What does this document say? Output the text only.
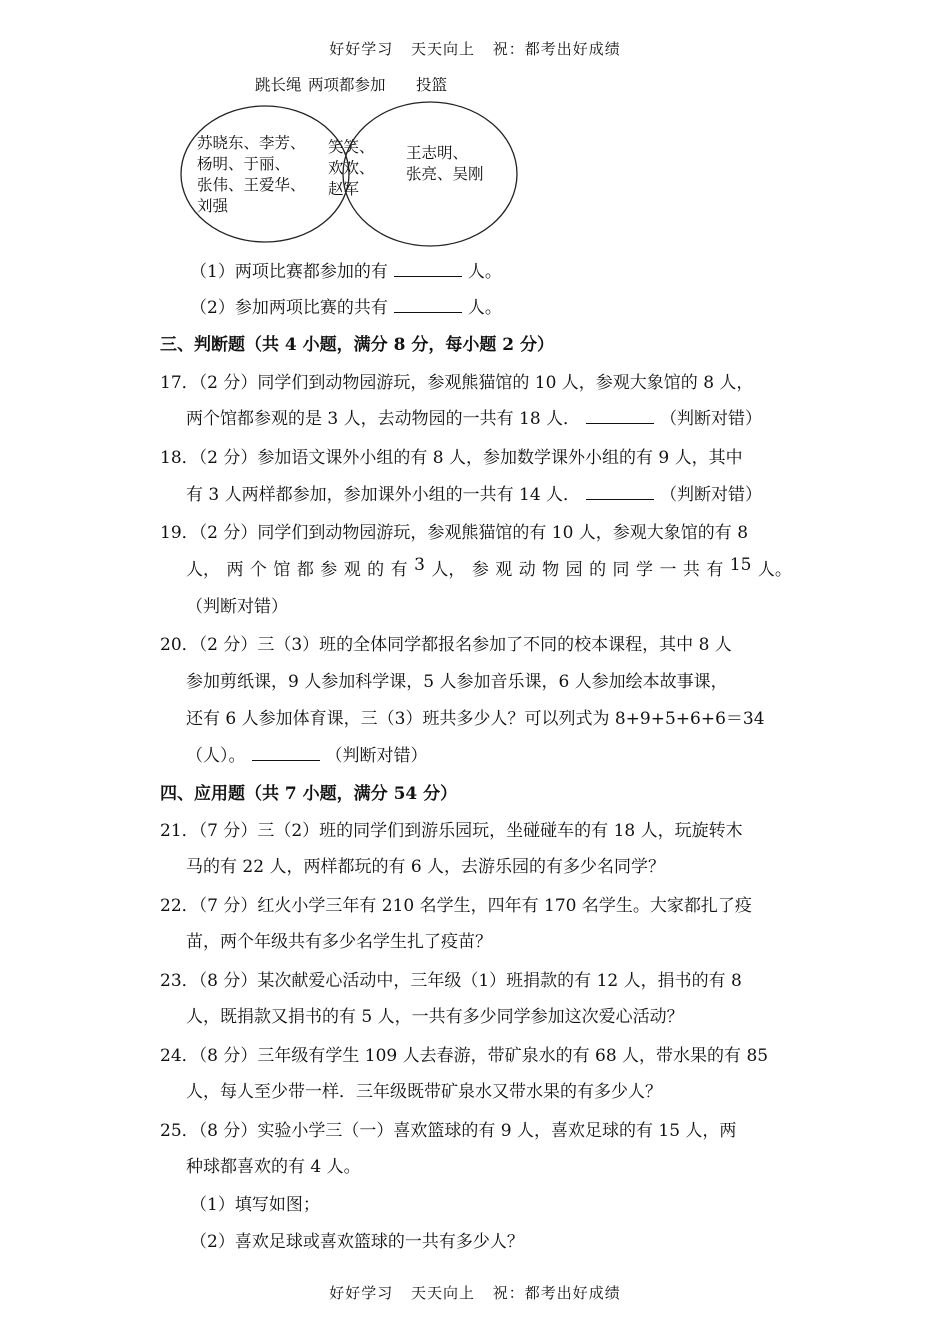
好好学习 天天向上 祝：都考出好成绩
跳长绳 两项都参加 投篮
苏晓东、李芳、
杨明、于丽、
张伟、王爱华、
刘强
笑笑、
欢欢、
赵军
王志明、
张亮、吴刚
（1）两项比赛都参加的有	人。
（2）参加两项比赛的共有	人。
三、判断题（共 4 小题，满分 8 分，每小题 2 分）
17．（2 分）同学们到动物园游玩，参观熊猫馆的 10 人，参观大象馆的 8 人，
两个馆都参观的是 3 人，去动物园的一共有 18 人．	（判断对错）
18．（2 分）参加语文课外小组的有 8 人，参加数学课外小组的有 9 人，其中
有 3 人两样都参加，参加课外小组的一共有 14 人．	（判断对错）
19．（2 分）同学们到动物园游玩，参观熊猫馆的有 10 人，参观大象馆的有 8
人， 两 个 馆 都 参 观 的 有 3 人， 参 观 动 物 园 的 同 学 一 共 有 15 人。
（判断对错）
20．（2 分）三（3）班的全体同学都报名参加了不同的校本课程，其中 8 人
参加剪纸课，9 人参加科学课，5 人参加音乐课，6 人参加绘本故事课，
还有 6 人参加体育课，三（3）班共多少人？可以列式为 8+9+5+6+6＝34
（人）。	（判断对错）
四、应用题（共 7 小题，满分 54 分）
21．（7 分）三（2）班的同学们到游乐园玩，坐碰碰车的有 18 人，玩旋转木
马的有 22 人，两样都玩的有 6 人，去游乐园的有多少名同学？
22．（7 分）红火小学三年有 210 名学生，四年有 170 名学生。大家都扎了疫
苗，两个年级共有多少名学生扎了疫苗？
23．（8 分）某次献爱心活动中，三年级（1）班捐款的有 12 人，捐书的有 8
人，既捐款又捐书的有 5 人，一共有多少同学参加这次爱心活动？
24．（8 分）三年级有学生 109 人去春游，带矿泉水的有 68 人，带水果的有 85
人，每人至少带一样．三年级既带矿泉水又带水果的有多少人？
25．（8 分）实验小学三（一）喜欢篮球的有 9 人，喜欢足球的有 15 人，两
种球都喜欢的有 4 人。
（1）填写如图；
（2）喜欢足球或喜欢篮球的一共有多少人？
好好学习 天天向上 祝：都考出好成绩
